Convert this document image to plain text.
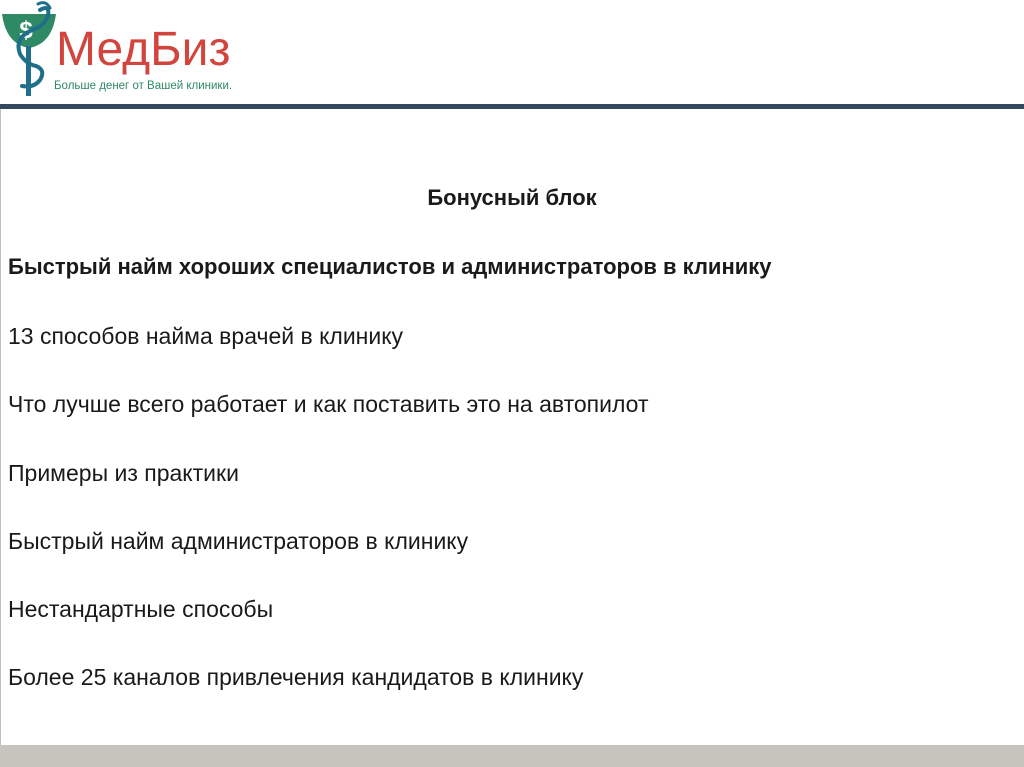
$ МедБиз
Больше денег от Вашей клиники.
Бонусный блок
Быстрый найм хороших специалистов и администраторов в клинику
13 способов найма врачей в клинику
Что лучше всего работает и как поставить это на автопилот
Примеры из практики
Быстрый найм администраторов в клинику
Нестандартные способы
Более 25 каналов привлечения кандидатов в клинику
